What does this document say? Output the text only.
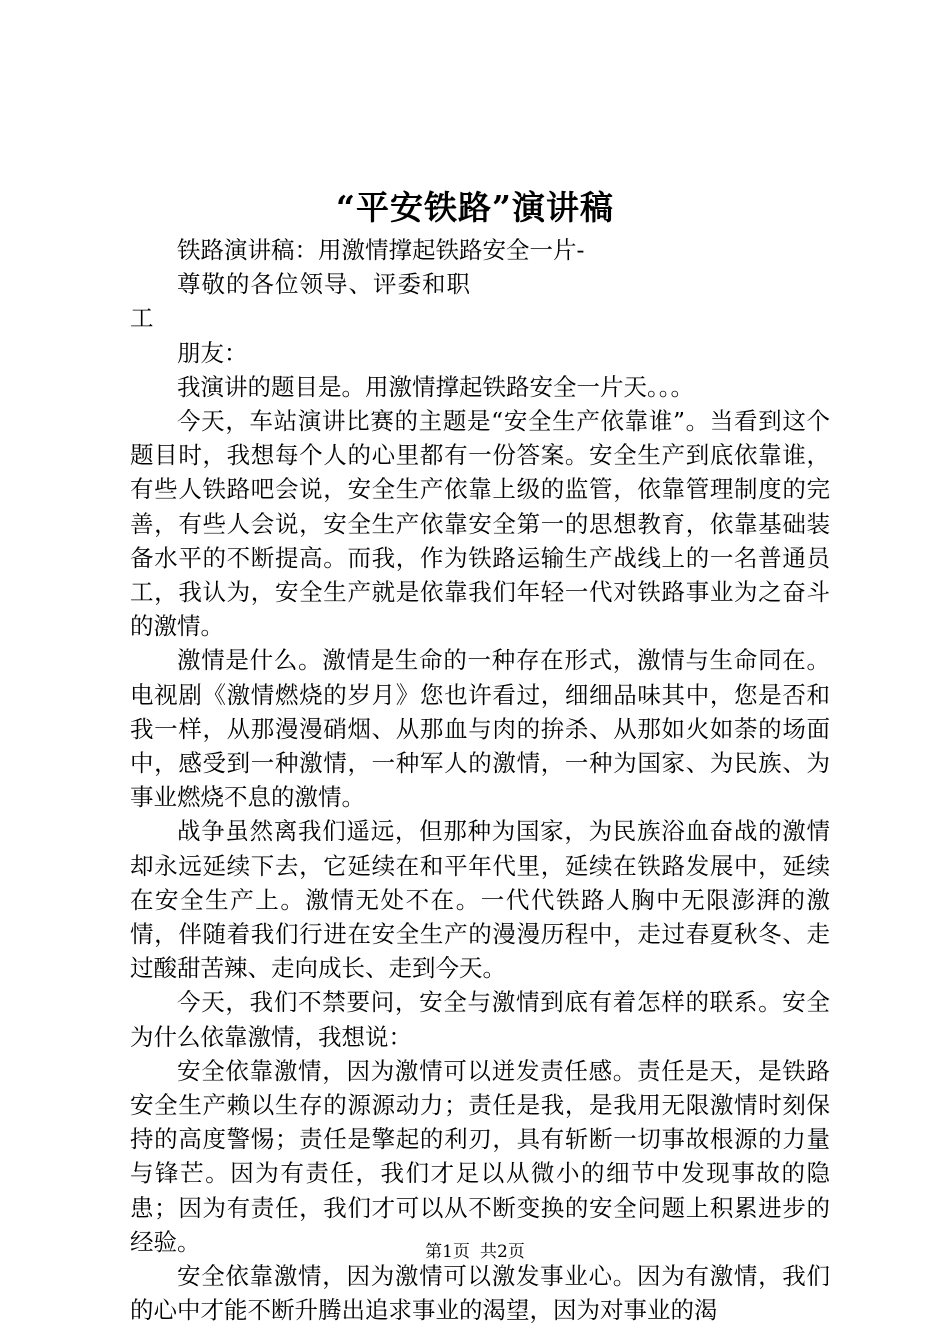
“平安铁路”演讲稿

铁路演讲稿：用激情撑起铁路安全一片-

尊敬的各位领导、评委和职工

朋友：

我演讲的题目是。用激情撑起铁路安全一片天。。。

今天，车站演讲比赛的主题是“安全生产依靠谁”。当看到这个题目时，我想每个人的心里都有一份答案。安全生产到底依靠谁，有些人铁路吧会说，安全生产依靠上级的监管，依靠管理制度的完善，有些人会说，安全生产依靠安全第一的思想教育，依靠基础装备水平的不断提高。而我，作为铁路运输生产战线上的一名普通员工，我认为，安全生产就是依靠我们年轻一代对铁路事业为之奋斗的激情。

激情是什么。激情是生命的一种存在形式，激情与生命同在。电视剧《激情燃烧的岁月》您也许看过，细细品味其中，您是否和我一样，从那漫漫硝烟、从那血与肉的拚杀、从那如火如荼的场面中，感受到一种激情，一种军人的激情，一种为国家、为民族、为事业燃烧不息的激情。

战争虽然离我们遥远，但那种为国家，为民族浴血奋战的激情却永远延续下去，它延续在和平年代里，延续在铁路发展中，延续在安全生产上。激情无处不在。一代代铁路人胸中无限澎湃的激情，伴随着我们行进在安全生产的漫漫历程中，走过春夏秋冬、走过酸甜苦辣、走向成长、走到今天。

今天，我们不禁要问，安全与激情到底有着怎样的联系。安全为什么依靠激情，我想说：

安全依靠激情，因为激情可以迸发责任感。责任是天，是铁路安全生产赖以生存的源源动力；责任是我，是我用无限激情时刻保持的高度警惕；责任是擎起的利刃，具有斩断一切事故根源的力量与锋芒。因为有责任，我们才足以从微小的细节中发现事故的隐患；因为有责任，我们才可以从不断变换的安全问题上积累进步的经验。

安全依靠激情，因为激情可以激发事业心。因为有激情，我们的心中才能不断升腾出追求事业的渴望，因为对事业的渴

第1页 共2页
